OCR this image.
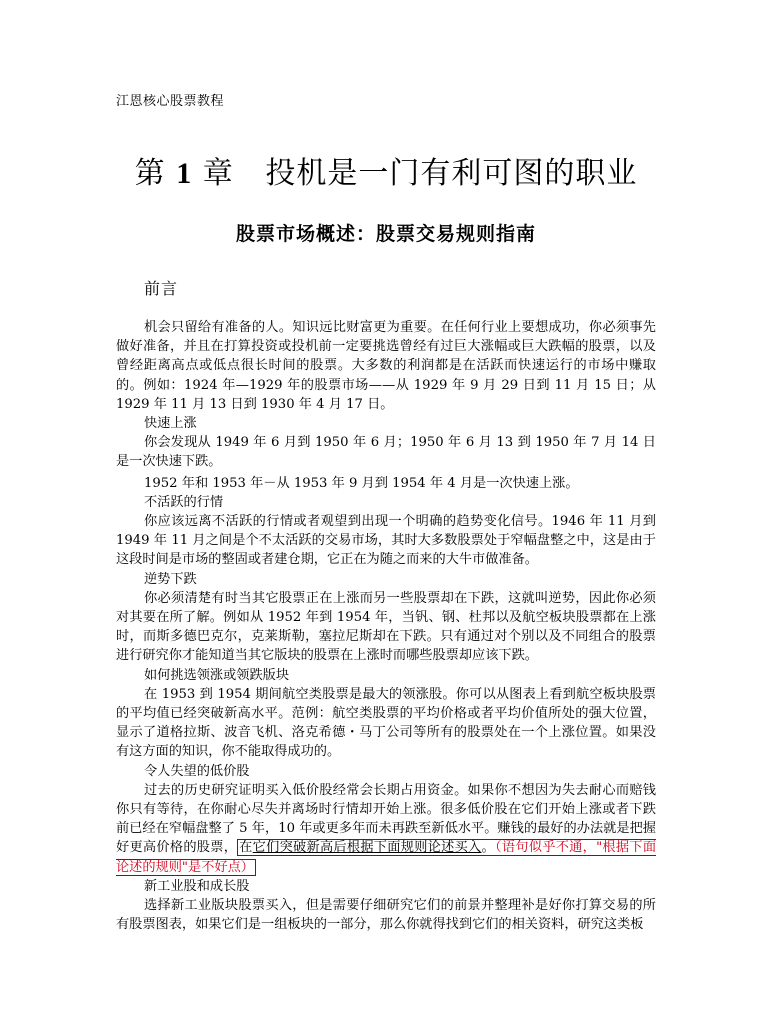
江恩核心股票教程
第 1 章 投机是一门有利可图的职业
股票市场概述：股票交易规则指南
前言

机会只留给有准备的人。知识远比财富更为重要。在任何行业上要想成功，你必须事先做好准备，并且在打算投资或投机前一定要挑选曾经有过巨大涨幅或巨大跌幅的股票，以及曾经距离高点或低点很长时间的股票。大多数的利润都是在活跃而快速运行的市场中赚取的。例如：1924 年—1929 年的股票市场——从 1929 年 9 月 29 日到 11 月 15 日；从 1929 年 11 月 13 日到 1930 年 4 月 17 日。

快速上涨

你会发现从 1949 年 6 月到 1950 年 6 月；1950 年 6 月 13 到 1950 年 7 月 14 日是一次快速下跌。

1952 年和 1953 年－从 1953 年 9 月到 1954 年 4 月是一次快速上涨。

不活跃的行情

你应该远离不活跃的行情或者观望到出现一个明确的趋势变化信号。1946 年 11 月到 1949 年 11 月之间是个不太活跃的交易市场，其时大多数股票处于窄幅盘整之中，这是由于这段时间是市场的整固或者建仓期，它正在为随之而来的大牛市做准备。

逆势下跌

你必须清楚有时当其它股票正在上涨而另一些股票却在下跌，这就叫逆势，因此你必须对其要在所了解。例如从 1952 年到 1954 年，当钒、钢、杜邦以及航空板块股票都在上涨时，而斯多德巴克尔，克莱斯勒，塞拉尼斯却在下跌。只有通过对个别以及不同组合的股票进行研究你才能知道当其它版块的股票在上涨时而哪些股票却应该下跌。

如何挑选领涨或领跌版块

在 1953 到 1954 期间航空类股票是最大的领涨股。你可以从图表上看到航空板块股票的平均值已经突破新高水平。范例：航空类股票的平均价格或者平均价值所处的强大位置，显示了道格拉斯、波音飞机、洛克希德・马丁公司等所有的股票处在一个上涨位置。如果没有这方面的知识，你不能取得成功的。

令人失望的低价股

过去的历史研究证明买入低价股经常会长期占用资金。如果你不想因为失去耐心而赔钱你只有等待，在你耐心尽失并离场时行情却开始上涨。很多低价股在它们开始上涨或者下跌前已经在窄幅盘整了 5 年，10 年或更多年而未再跌至新低水平。赚钱的最好的办法就是把握好更高价格的股票， 在它们突破新高后根据下面规则论述买入。（语句似乎不通，"根据下面论述的规则"是不好点）

新工业股和成长股

选择新工业版块股票买入，但是需要仔细研究它们的前景并整理补是好你打算交易的所有股票图表，如果它们是一组板块的一部分，那么你就得找到它们的相关资料，研究这类板
